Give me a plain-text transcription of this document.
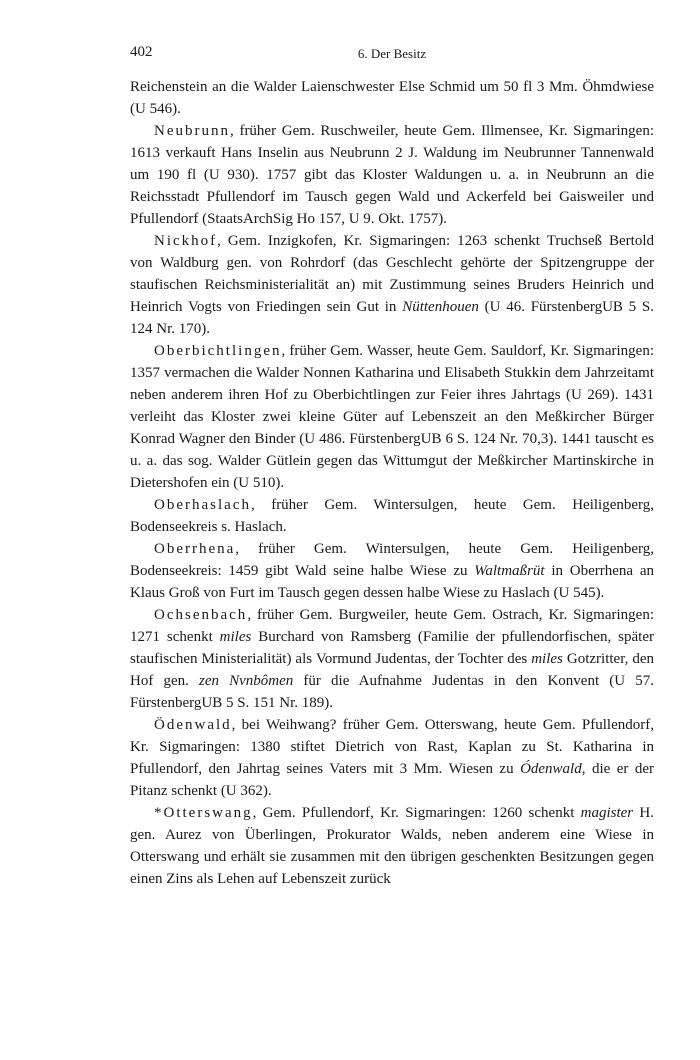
402	6. Der Besitz

Reichenstein an die Walder Laienschwester Else Schmid um 50 fl 3 Mm. Öhmdwiese (U 546).

Neubrunn, früher Gem. Ruschweiler, heute Gem. Illmensee, Kr. Sigmaringen: 1613 verkauft Hans Inselin aus Neubrunn 2 J. Waldung im Neubrunner Tannenwald um 190 fl (U 930). 1757 gibt das Kloster Waldungen u. a. in Neubrunn an die Reichsstadt Pfullendorf im Tausch gegen Wald und Ackerfeld bei Gaisweiler und Pfullendorf (StaatsArchSig Ho 157, U 9. Okt. 1757).

Nickhof, Gem. Inzigkofen, Kr. Sigmaringen: 1263 schenkt Truchseß Bertold von Waldburg gen. von Rohrdorf (das Geschlecht gehörte der Spitzengruppe der staufischen Reichsministerialität an) mit Zustimmung seines Bruders Heinrich und Heinrich Vogts von Friedingen sein Gut in Nüttenhouen (U 46. FürstenbergUB 5 S. 124 Nr. 170).

Oberbichtlingen, früher Gem. Wasser, heute Gem. Sauldorf, Kr. Sigmaringen: 1357 vermachen die Walder Nonnen Katharina und Elisabeth Stukkin dem Jahrzeitamt neben anderem ihren Hof zu Oberbichtlingen zur Feier ihres Jahrtags (U 269). 1431 verleiht das Kloster zwei kleine Güter auf Lebenszeit an den Meßkircher Bürger Konrad Wagner den Binder (U 486. FürstenbergUB 6 S. 124 Nr. 70,3). 1441 tauscht es u. a. das sog. Walder Gütlein gegen das Wittumgut der Meßkircher Martinskirche in Dietershofen ein (U 510).

Oberhaslach, früher Gem. Wintersulgen, heute Gem. Heiligenberg, Bodenseekreis s. Haslach.

Oberrhena, früher Gem. Wintersulgen, heute Gem. Heiligenberg, Bodenseekreis: 1459 gibt Wald seine halbe Wiese zu Waltmaßrüt in Oberrhena an Klaus Groß von Furt im Tausch gegen dessen halbe Wiese zu Haslach (U 545).

Ochsenbach, früher Gem. Burgweiler, heute Gem. Ostrach, Kr. Sigmaringen: 1271 schenkt miles Burchard von Ramsberg (Familie der pfullendorfischen, später staufischen Ministerialität) als Vormund Judentas, der Tochter des miles Gotzritter, den Hof gen. zen Nvnbômen für die Aufnahme Judentas in den Konvent (U 57. FürstenbergUB 5 S. 151 Nr. 189).

Ödenwald, bei Weihwang? früher Gem. Otterswang, heute Gem. Pfullendorf, Kr. Sigmaringen: 1380 stiftet Dietrich von Rast, Kaplan zu St. Katharina in Pfullendorf, den Jahrtag seines Vaters mit 3 Mm. Wiesen zu Ódenwald, die er der Pitanz schenkt (U 362).

*Otterswang, Gem. Pfullendorf, Kr. Sigmaringen: 1260 schenkt magister H. gen. Aurez von Überlingen, Prokurator Walds, neben anderem eine Wiese in Otterswang und erhält sie zusammen mit den übrigen geschenkten Besitzungen gegen einen Zins als Lehen auf Lebenszeit zurück
